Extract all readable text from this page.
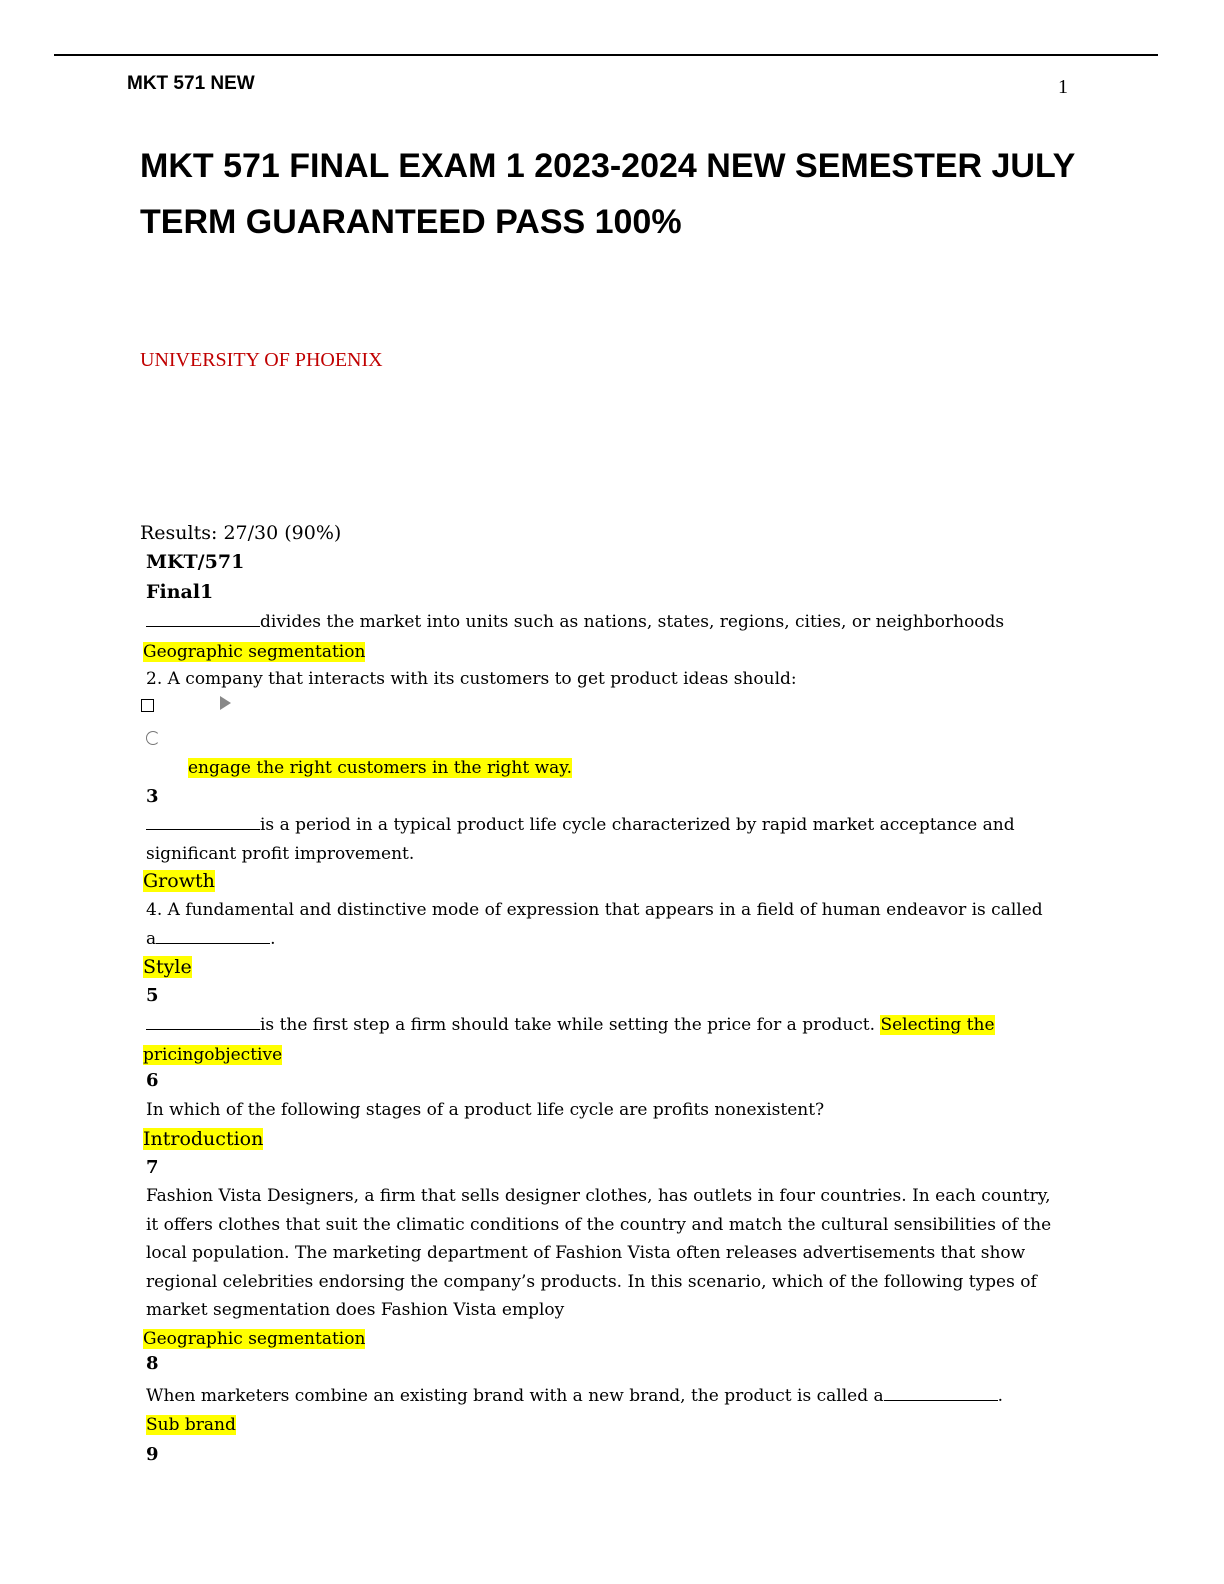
MKT 571 NEW	1
MKT 571 FINAL EXAM 1 2023-2024 NEW SEMESTER JULY TERM GUARANTEED PASS 100%
UNIVERSITY OF PHOENIX
Results: 27/30 (90%)
MKT/571
Final1
divides the market into units such as nations, states, regions, cities, or neighborhoods
Geographic segmentation
2. A company that interacts with its customers to get product ideas should:
engage the right customers in the right way.
3
is a period in a typical product life cycle characterized by rapid market acceptance and
significant profit improvement.
Growth
4. A fundamental and distinctive mode of expression that appears in a field of human endeavor is called
a	.
Style
5
is the first step a firm should take while setting the price for a product. Selecting the
pricingobjective
6
In which of the following stages of a product life cycle are profits nonexistent?
Introduction
7
Fashion Vista Designers, a firm that sells designer clothes, has outlets in four countries. In each country,
it offers clothes that suit the climatic conditions of the country and match the cultural sensibilities of the
local population. The marketing department of Fashion Vista often releases advertisements that show
regional celebrities endorsing the company’s products. In this scenario, which of the following types of
market segmentation does Fashion Vista employ
Geographic segmentation
8
When marketers combine an existing brand with a new brand, the product is called a	.
Sub brand
9
